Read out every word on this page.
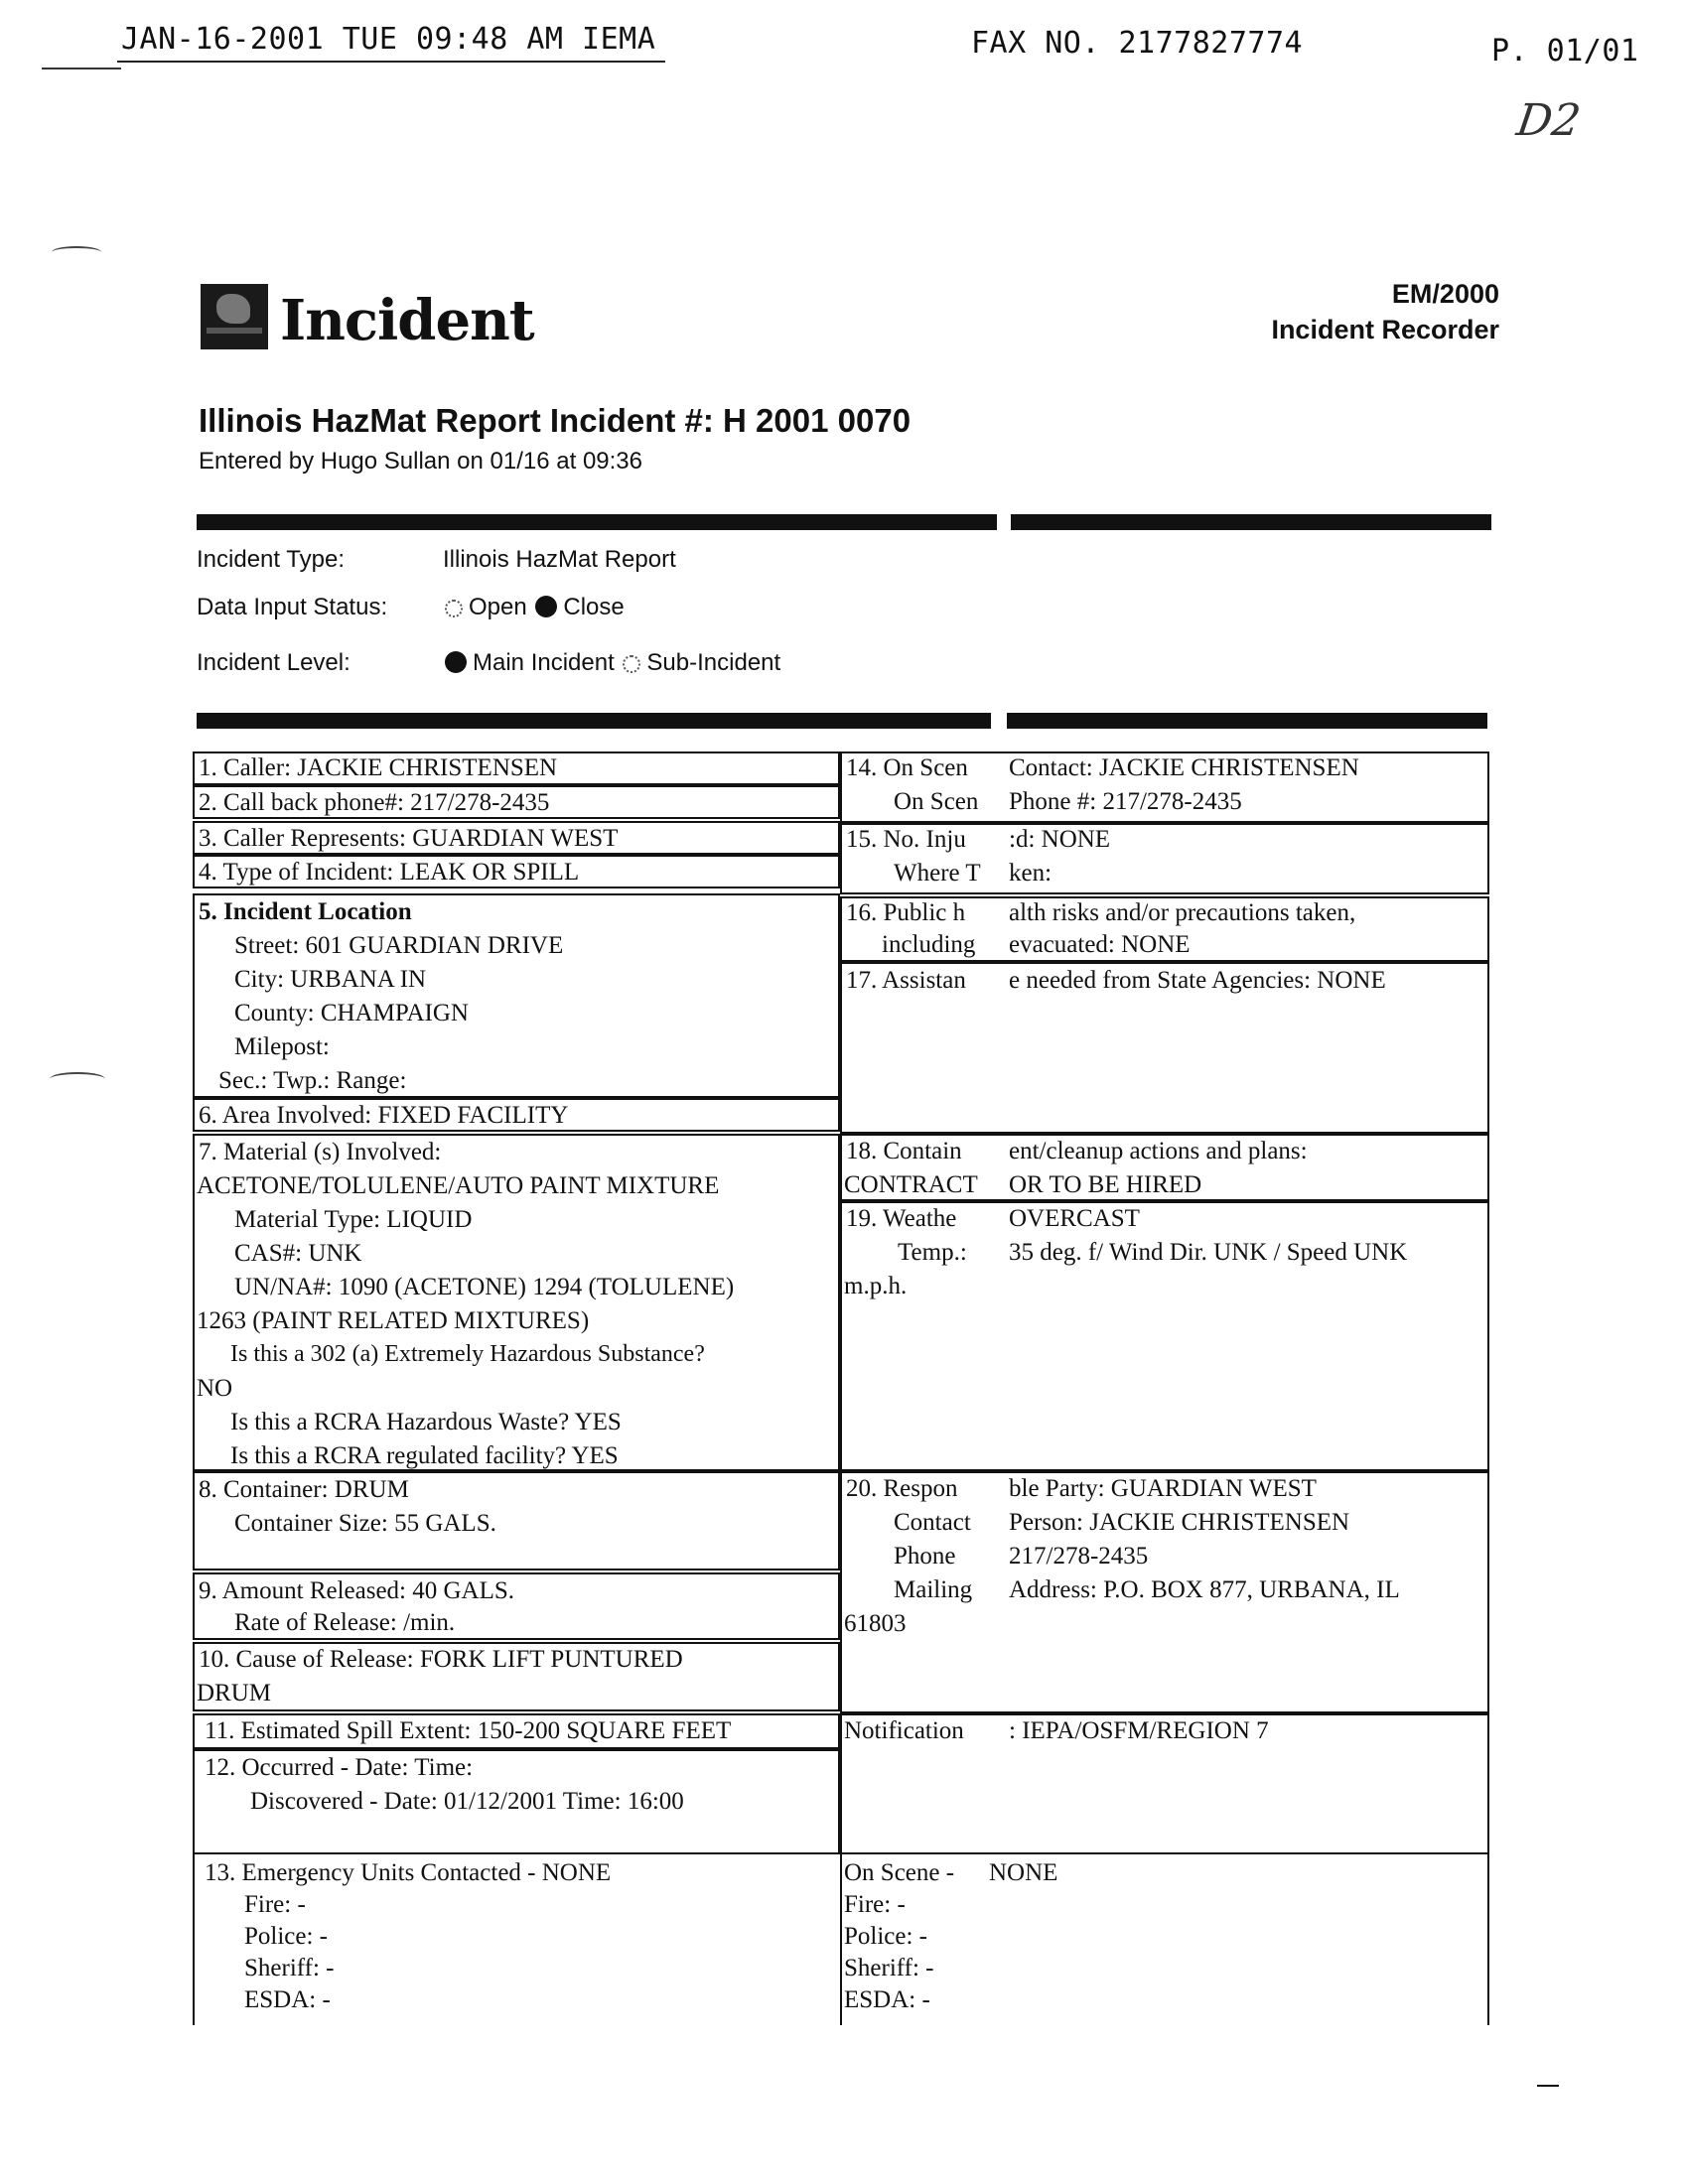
JAN-16-2001 TUE 09:48 AM IEMA	FAX NO. 2177827774	P. 01/01
D2
Incident	EM/2000
Incident Recorder
Illinois HazMat Report Incident #: H 2001 0070
Entered by Hugo Sullan on 01/16 at 09:36
Incident Type:	Illinois HazMat Report
Data Input Status:	Open Close
Incident Level:	Main Incident Sub-Incident
1. Caller: JACKIE CHRISTENSEN
2. Call back phone#: 217/278-2435
3. Caller Represents: GUARDIAN WEST
4. Type of Incident: LEAK OR SPILL
5. Incident Location
Street: 601 GUARDIAN DRIVE
City: URBANA IN
County: CHAMPAIGN
Milepost:
Sec.: Twp.: Range:
6. Area Involved: FIXED FACILITY
7. Material (s) Involved:
ACETONE/TOLULENE/AUTO PAINT MIXTURE
Material Type: LIQUID
CAS#: UNK
UN/NA#: 1090 (ACETONE) 1294 (TOLULENE)
1263 (PAINT RELATED MIXTURES)
Is this a 302 (a) Extremely Hazardous Substance?
NO
Is this a RCRA Hazardous Waste? YES
Is this a RCRA regulated facility? YES
8. Container: DRUM
Container Size: 55 GALS.
9. Amount Released: 40 GALS.
Rate of Release: /min.
10. Cause of Release: FORK LIFT PUNTURED
DRUM
11. Estimated Spill Extent: 150-200 SQUARE FEET
12. Occurred - Date: Time:
Discovered - Date: 01/12/2001 Time: 16:00
13. Emergency Units Contacted - NONE
Fire: -
Police: -
Sheriff: -
ESDA: -
14. On Scen	Contact: JACKIE CHRISTENSEN
On Scen	Phone #: 217/278-2435
15. No. Inju	:d: NONE
Where T	ken:
16. Public h	alth risks and/or precautions taken,
including	evacuated: NONE
17. Assistan	e needed from State Agencies: NONE
18. Contain	ent/cleanup actions and plans:
CONTRACT	OR TO BE HIRED
19. Weathe	OVERCAST
Temp.:	35 deg. f/ Wind Dir. UNK / Speed UNK
m.p.h.
20. Respon	ble Party: GUARDIAN WEST
Contact	Person: JACKIE CHRISTENSEN
Phone	217/278-2435
Mailing	Address: P.O. BOX 877, URBANA, IL
61803
Notification	: IEPA/OSFM/REGION 7
On Scene -	NONE
Fire: -
Police: -
Sheriff: -
ESDA: -
